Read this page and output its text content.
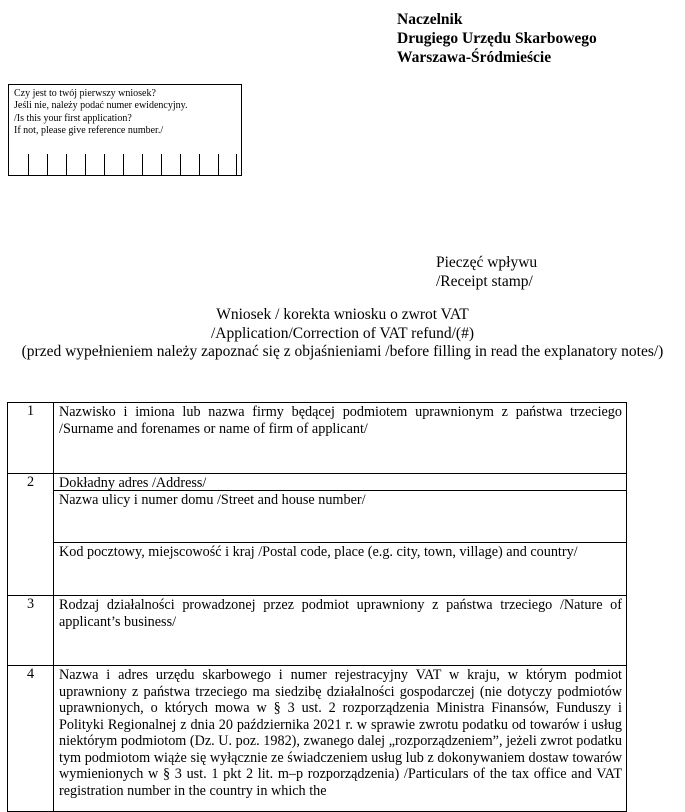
Naczelnik
Drugiego Urzędu Skarbowego
Warszawa-Śródmieście
Czy jest to twój pierwszy wniosek?
Jeśli nie, należy podać numer ewidencyjny.
/Is this your first application?
If not, please give reference number./
Pieczęć wpływu
/Receipt stamp/
Wniosek / korekta wniosku o zwrot VAT
/Application/Correction of VAT refund/(#)
(przed wypełnieniem należy zapoznać się z objaśnieniami /before filling in read the explanatory notes/)
1	Nazwisko i imiona lub nazwa firmy będącej podmiotem uprawnionym z państwa trzeciego /Surname and forenames or name of firm of applicant/

2	Dokładny adres /Address/
Nazwa ulicy i numer domu /Street and house number/
Kod pocztowy, miejscowość i kraj /Postal code, place (e.g. city, town, village) and country/

3	Rodzaj działalności prowadzonej przez podmiot uprawniony z państwa trzeciego /Nature of applicant’s business/

4	Nazwa i adres urzędu skarbowego i numer rejestracyjny VAT w kraju, w którym podmiot uprawniony z państwa trzeciego ma siedzibę działalności gospodarczej (nie dotyczy podmiotów uprawnionych, o których mowa w § 3 ust. 2 rozporządzenia Ministra Finansów, Funduszy i Polityki Regionalnej z dnia 20 października 2021 r. w sprawie zwrotu podatku od towarów i usług niektórym podmiotom (Dz. U. poz. 1982), zwanego dalej „rozporządzeniem”, jeżeli zwrot podatku tym podmiotom wiąże się wyłącznie ze świadczeniem usług lub z dokonywaniem dostaw towarów wymienionych w § 3 ust. 1 pkt 2 lit. m–p rozporządzenia) /Particulars of the tax office and VAT registration number in the country in which the
